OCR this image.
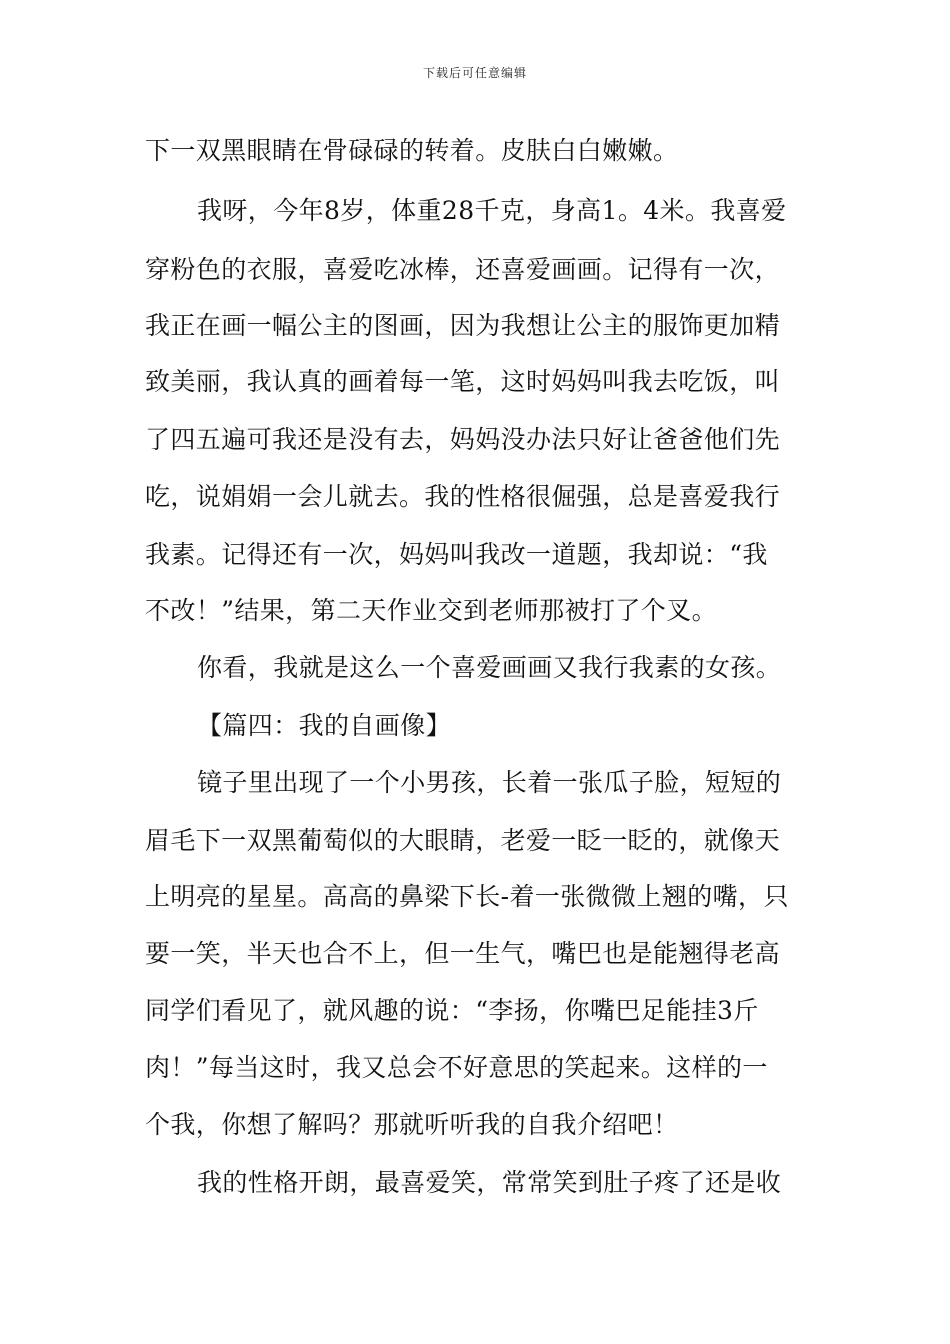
下载后可任意编辑
下一双黑眼睛在骨碌碌的转着。皮肤白白嫩嫩。
我呀，今年8岁，体重28千克，身高1。4米。我喜爱
穿粉色的衣服，喜爱吃冰棒，还喜爱画画。记得有一次，
我正在画一幅公主的图画，因为我想让公主的服饰更加精
致美丽，我认真的画着每一笔，这时妈妈叫我去吃饭，叫
了四五遍可我还是没有去，妈妈没办法只好让爸爸他们先
吃，说娟娟一会儿就去。我的性格很倔强，总是喜爱我行
我素。记得还有一次，妈妈叫我改一道题，我却说：“我
不改！”结果，第二天作业交到老师那被打了个叉。
你看，我就是这么一个喜爱画画又我行我素的女孩。
【篇四：我的自画像】
镜子里出现了一个小男孩，长着一张瓜子脸，短短的
眉毛下一双黑葡萄似的大眼睛，老爱一眨一眨的，就像天
上明亮的星星。高高的鼻梁下长-着一张微微上翘的嘴，只
要一笑，半天也合不上，但一生气，嘴巴也是能翘得老高
同学们看见了，就风趣的说：“李扬，你嘴巴足能挂3斤
肉！”每当这时，我又总会不好意思的笑起来。这样的一
个我，你想了解吗？那就听听我的自我介绍吧！
我的性格开朗，最喜爱笑，常常笑到肚子疼了还是收
